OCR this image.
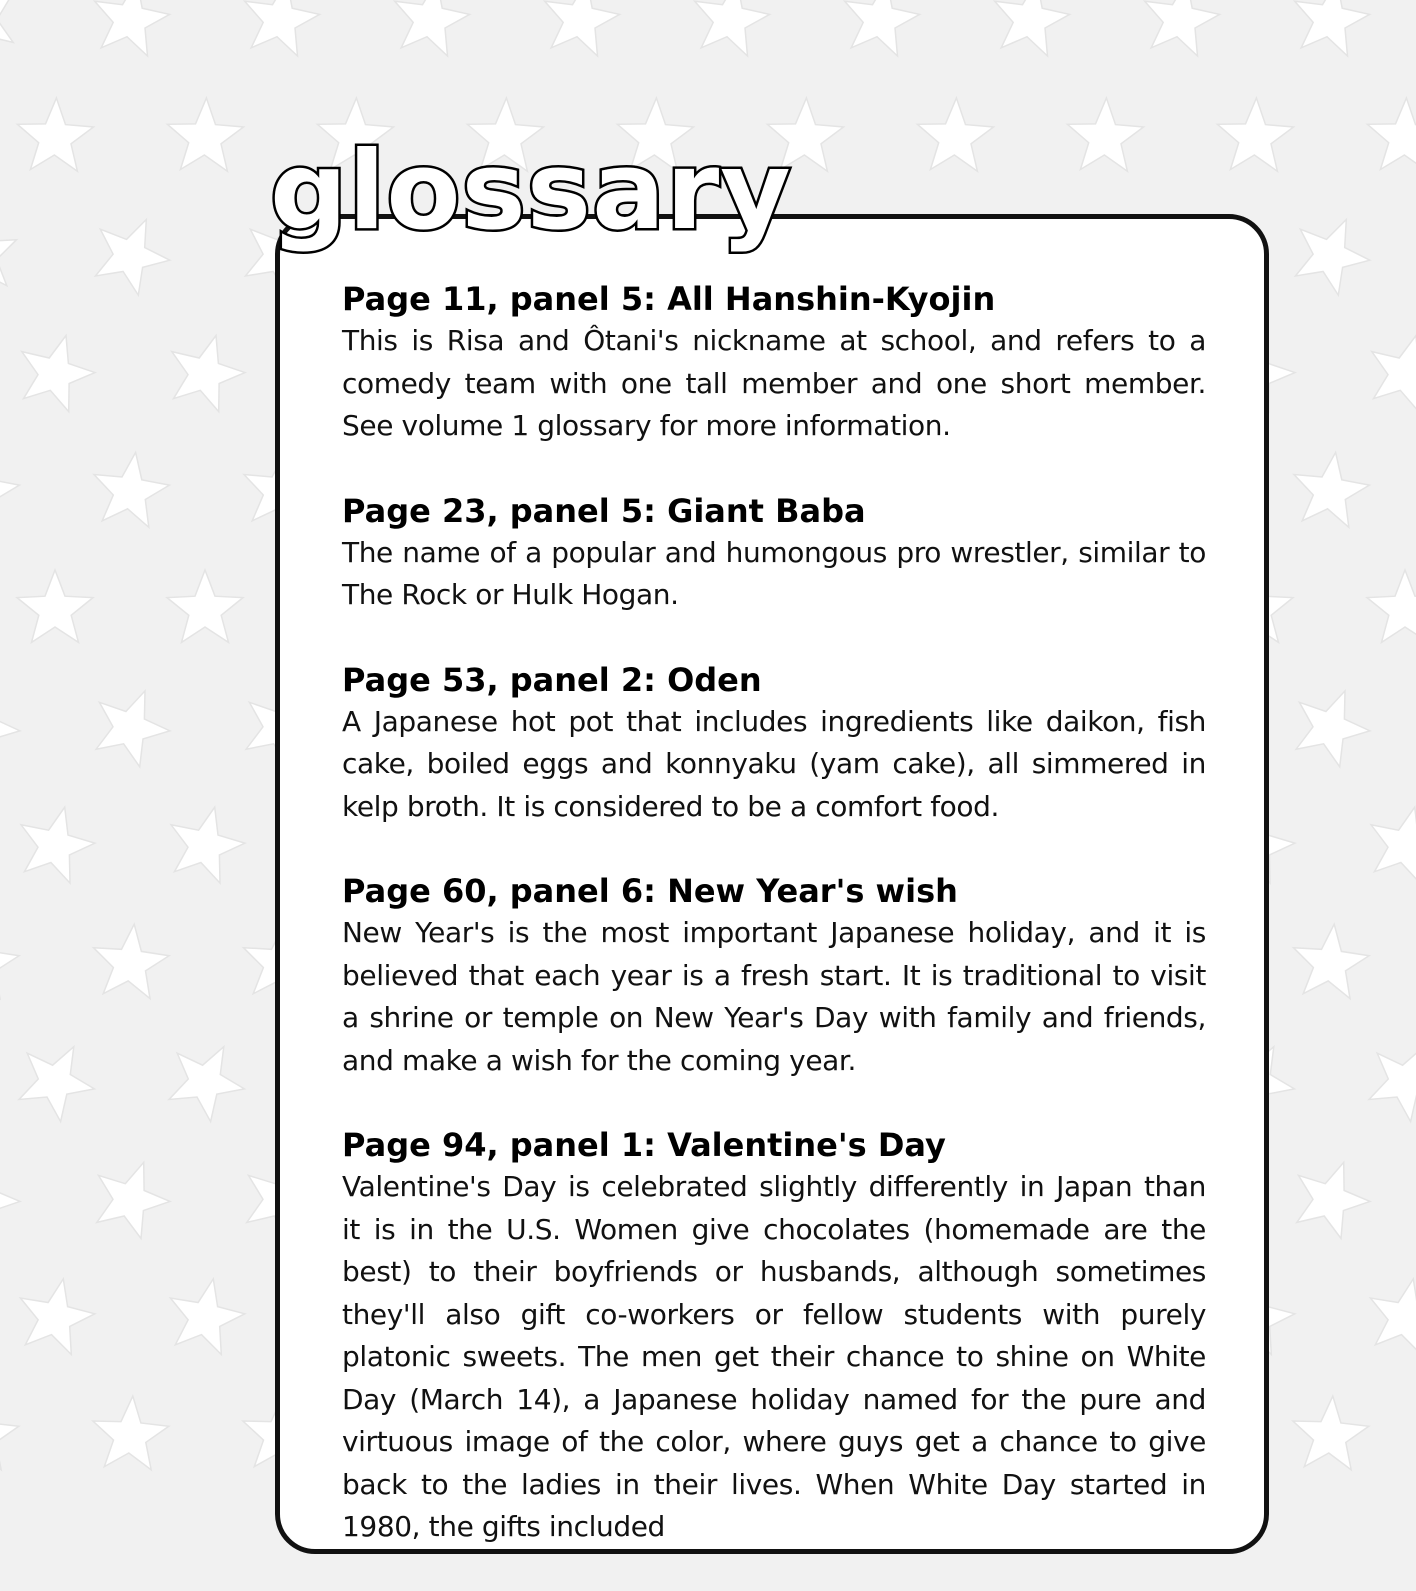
glossary
Page 11, panel 5: All Hanshin-Kyojin
This is Risa and Ôtani's nickname at school, and refers to a comedy team with one tall member and one short member. See volume 1 glossary for more information.
Page 23, panel 5: Giant Baba
The name of a popular and humongous pro wrestler, similar to The Rock or Hulk Hogan.
Page 53, panel 2: Oden
A Japanese hot pot that includes ingredients like daikon, fish cake, boiled eggs and konnyaku (yam cake), all simmered in kelp broth. It is considered to be a comfort food.
Page 60, panel 6: New Year's wish
New Year's is the most important Japanese holiday, and it is believed that each year is a fresh start. It is traditional to visit a shrine or temple on New Year's Day with family and friends, and make a wish for the coming year.
Page 94, panel 1: Valentine's Day
Valentine's Day is celebrated slightly differently in Japan than it is in the U.S. Women give chocolates (homemade are the best) to their boyfriends or husbands, although sometimes they'll also gift co-workers or fellow students with purely platonic sweets. The men get their chance to shine on White Day (March 14), a Japanese holiday named for the pure and virtuous image of the color, where guys get a chance to give back to the ladies in their lives. When White Day started in 1980, the gifts included
